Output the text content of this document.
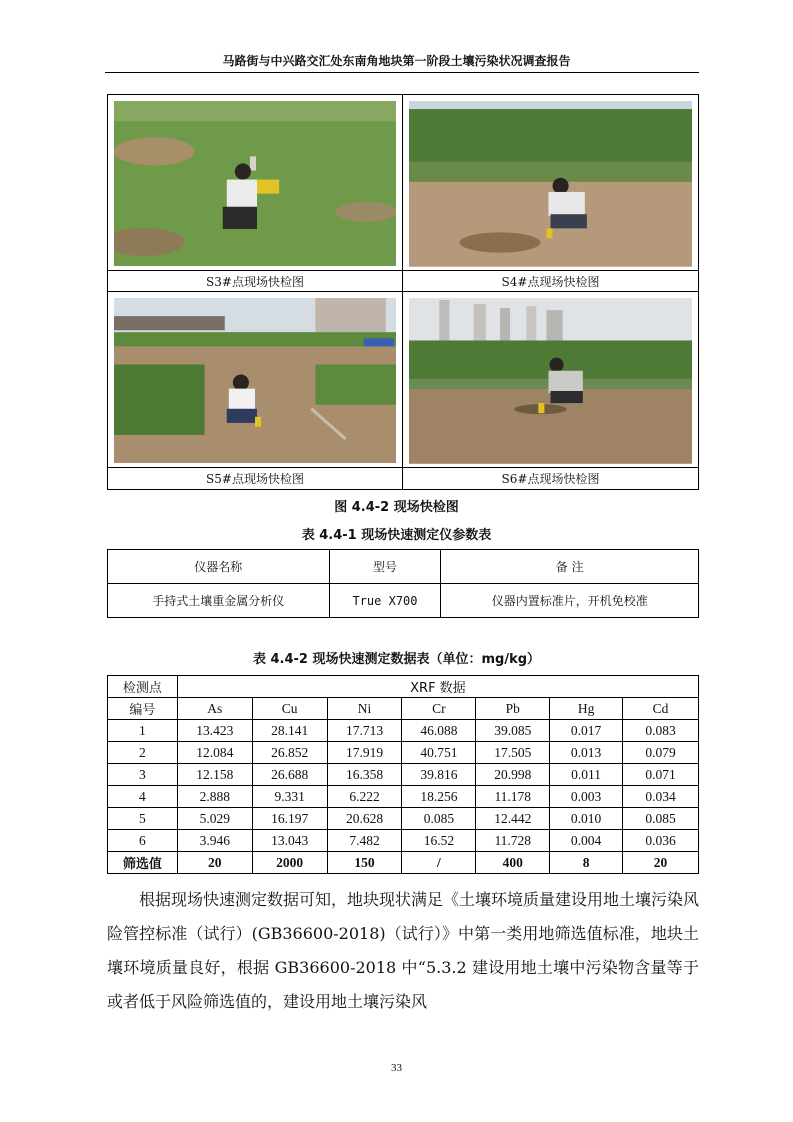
马路街与中兴路交汇处东南角地块第一阶段土壤污染状况调查报告
S3#点现场快检图	S4#点现场快检图
S5#点现场快检图	S6#点现场快检图
图 4.4-2 现场快检图
表 4.4-1 现场快速测定仪参数表
仪器名称	型号	备 注
手持式土壤重金属分析仪	True X700	仪器内置标准片，开机免校准
表 4.4-2 现场快速测定数据表（单位：mg/kg）
检测点	XRF 数据						
编号	As	Cu	Ni	Cr	Pb	Hg	Cd
1	13.423	28.141	17.713	46.088	39.085	0.017	0.083
2	12.084	26.852	17.919	40.751	17.505	0.013	0.079
3	12.158	26.688	16.358	39.816	20.998	0.011	0.071
4	2.888	9.331	6.222	18.256	11.178	0.003	0.034
5	5.029	16.197	20.628	0.085	12.442	0.010	0.085
6	3.946	13.043	7.482	16.52	11.728	0.004	0.036
筛选值	20	2000	150	/	400	8	20
　　根据现场快速测定数据可知，地块现状满足《土壤环境质量建设用地土壤污染风险管控标准（试行）(GB36600-2018)（试行）》中第一类用地筛选值标准，地块土壤环境质量良好，根据 GB36600-2018 中“5.3.2 建设用地土壤中污染物含量等于或者低于风险筛选值的，建设用地土壤污染风
33
